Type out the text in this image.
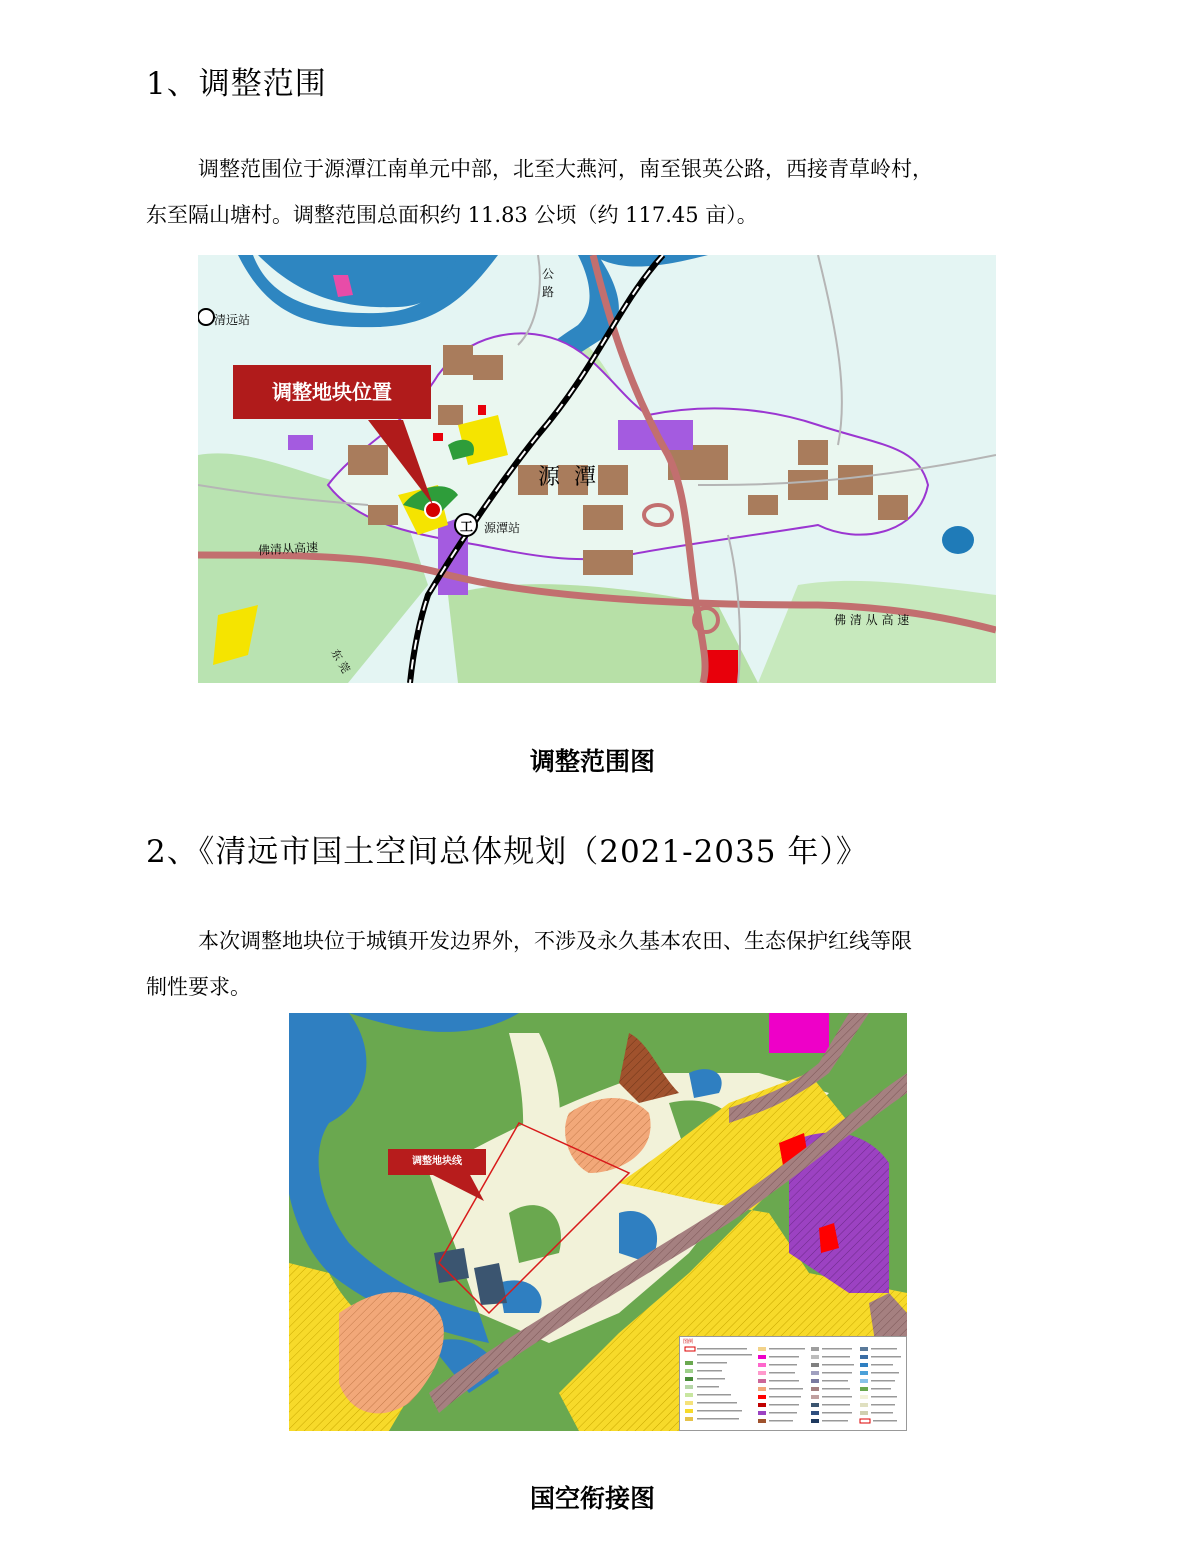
1、调整范围

调整范围位于源潭江南单元中部，北至大燕河，南至银英公路，西接青草岭村，

东至隔山塘村。调整范围总面积约 11.83 公顷（约 117.45 亩）。

工
源  潭
源潭站
清远站
佛清从高速
佛 清 从 高 速
公
路
东 莞
调整地块位置
调整范围图
2、《清远市国土空间总体规划（2021-2035 年）》

本次调整地块位于城镇开发边界外，不涉及永久基本农田、生态保护红线等限

制性要求。

调整地块线
图例
国空衔接图
